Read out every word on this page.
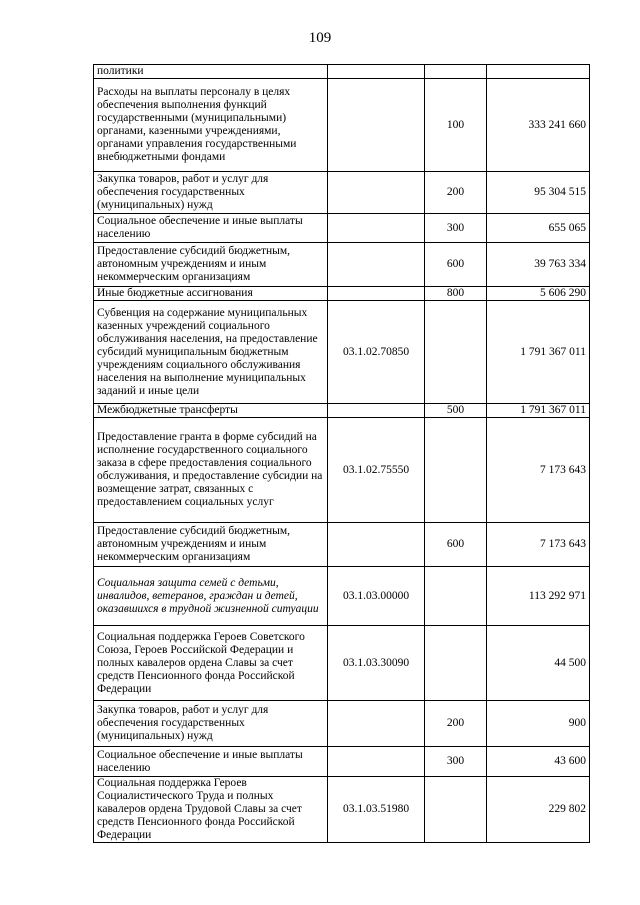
109
политики			
Расходы на выплаты персоналу в целях обеспечения выполнения функций государственными (муниципальными) органами, казенными учреждениями, органами управления государственными внебюджетными фондами		100	333 241 660
Закупка товаров, работ и услуг для обеспечения государственных (муниципальных) нужд		200	95 304 515
Социальное обеспечение и иные выплаты населению		300	655 065
Предоставление субсидий бюджетным, автономным учреждениям и иным некоммерческим организациям		600	39 763 334
Иные бюджетные ассигнования		800	5 606 290
Субвенция на содержание муниципальных казенных учреждений социального обслуживания населения, на предоставление субсидий муниципальным бюджетным учреждениям социального обслуживания населения на выполнение муниципальных заданий и иные цели	03.1.02.70850		1 791 367 011
Межбюджетные трансферты		500	1 791 367 011
Предоставление гранта в форме субсидий на исполнение государственного социального заказа в сфере предоставления социального обслуживания, и предоставление субсидии на возмещение затрат, связанных с предоставлением социальных услуг	03.1.02.75550		7 173 643
Предоставление субсидий бюджетным, автономным учреждениям и иным некоммерческим организациям		600	7 173 643
Социальная защита семей с детьми, инвалидов, ветеранов, граждан и детей, оказавшихся в трудной жизненной ситуации	03.1.03.00000		113 292 971
Социальная поддержка Героев Советского Союза, Героев Российской Федерации и полных кавалеров ордена Славы за счет средств Пенсионного фонда Российской Федерации	03.1.03.30090		44 500
Закупка товаров, работ и услуг для обеспечения государственных (муниципальных) нужд		200	900
Социальное обеспечение и иные выплаты населению		300	43 600
Социальная поддержка Героев Социалистического Труда и полных кавалеров ордена Трудовой Славы за счет средств Пенсионного фонда Российской Федерации	03.1.03.51980		229 802
